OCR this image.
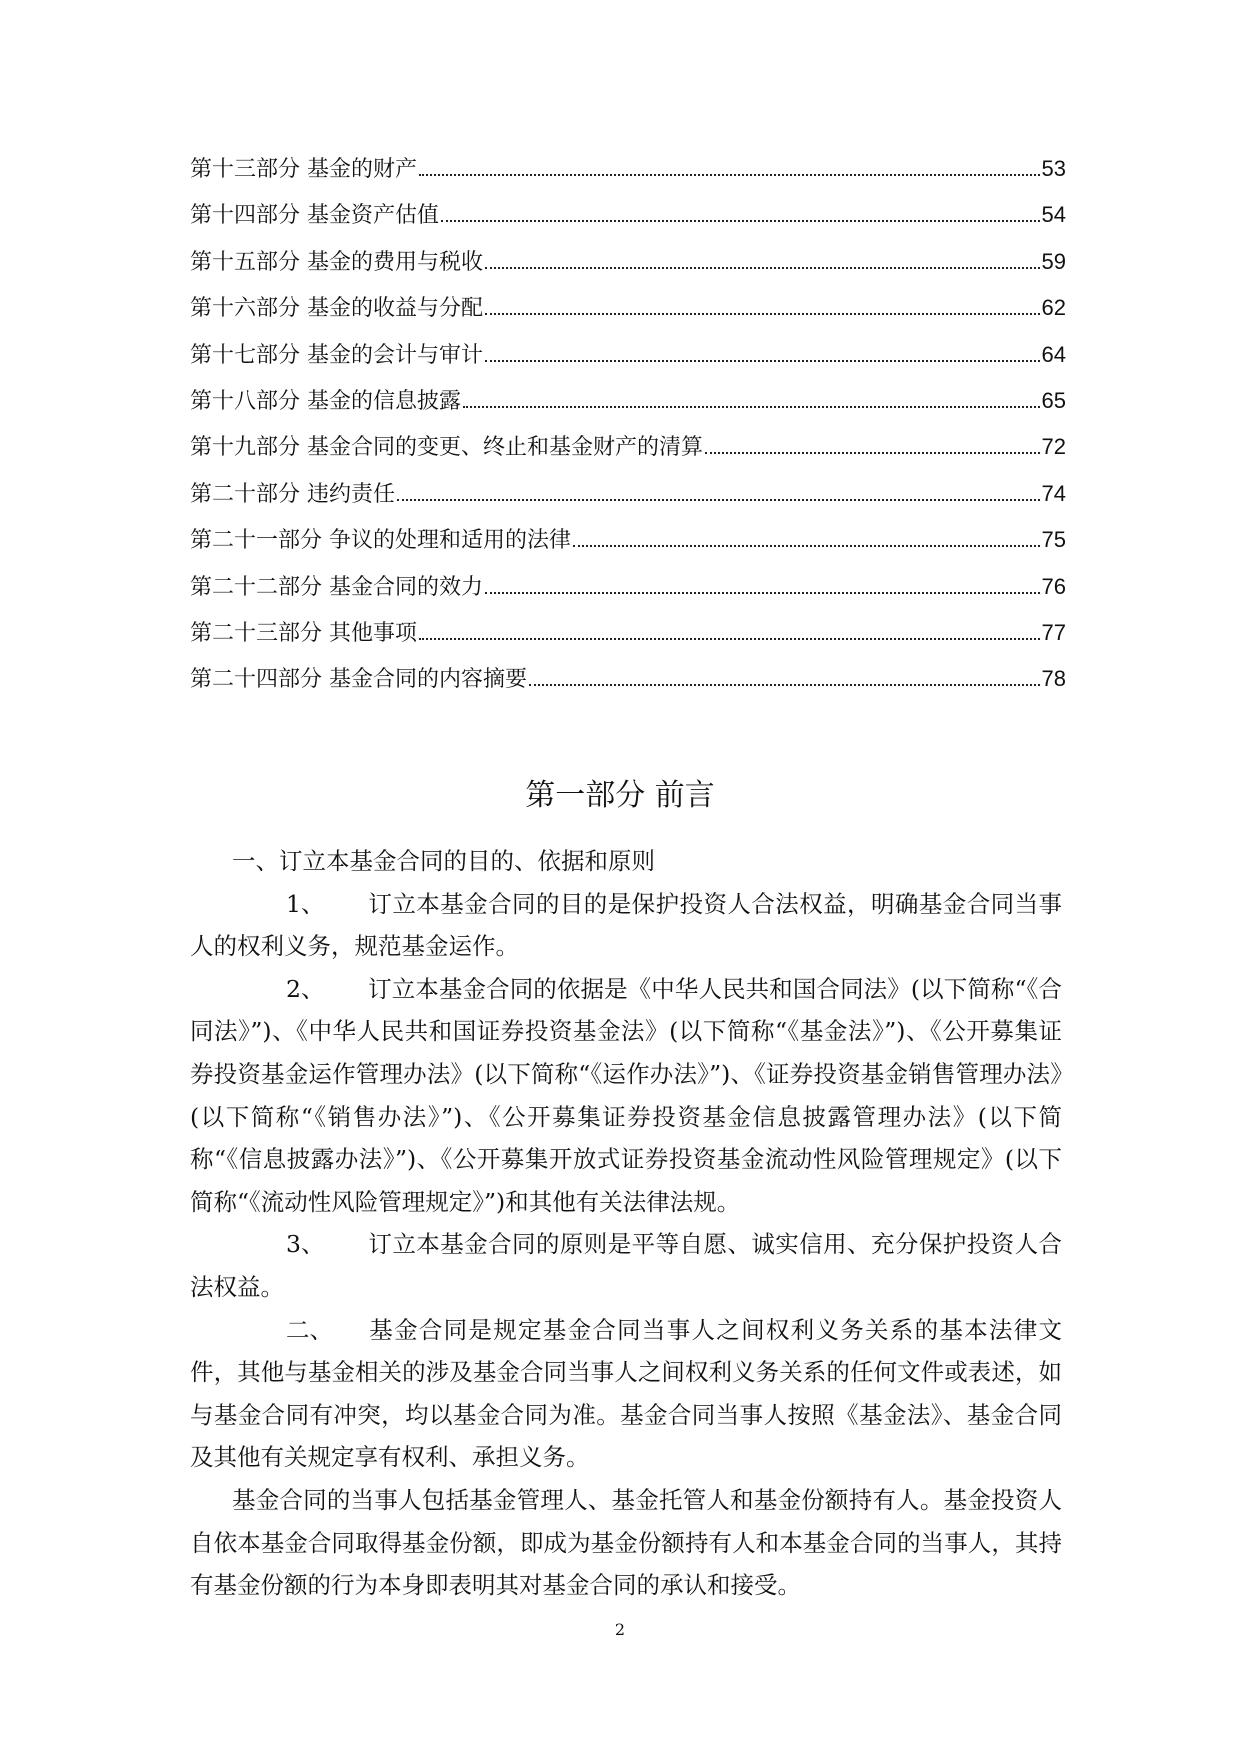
第十三部分 基金的财产	53
第十四部分 基金资产估值	54
第十五部分 基金的费用与税收	59
第十六部分 基金的收益与分配	62
第十七部分 基金的会计与审计	64
第十八部分 基金的信息披露	65
第十九部分 基金合同的变更、终止和基金财产的清算	72
第二十部分 违约责任	74
第二十一部分 争议的处理和适用的法律	75
第二十二部分 基金合同的效力	76
第二十三部分 其他事项	77
第二十四部分 基金合同的内容摘要	78
第一部分 前言

一、订立本基金合同的目的、依据和原则

1、 订立本基金合同的目的是保护投资人合法权益，明确基金合同当事人的权利义务，规范基金运作。

2、 订立本基金合同的依据是《中华人民共和国合同法》(以下简称“《合同法》”)、《中华人民共和国证券投资基金法》(以下简称“《基金法》”)、《公开募集证券投资基金运作管理办法》(以下简称“《运作办法》”)、《证券投资基金销售管理办法》(以下简称“《销售办法》”)、《公开募集证券投资基金信息披露管理办法》(以下简称“《信息披露办法》”)、《公开募集开放式证券投资基金流动性风险管理规定》(以下简称“《流动性风险管理规定》”)和其他有关法律法规。

3、 订立本基金合同的原则是平等自愿、诚实信用、充分保护投资人合法权益。

二、 基金合同是规定基金合同当事人之间权利义务关系的基本法律文件，其他与基金相关的涉及基金合同当事人之间权利义务关系的任何文件或表述，如与基金合同有冲突，均以基金合同为准。基金合同当事人按照《基金法》、基金合同及其他有关规定享有权利、承担义务。

基金合同的当事人包括基金管理人、基金托管人和基金份额持有人。基金投资人自依本基金合同取得基金份额，即成为基金份额持有人和本基金合同的当事人，其持有基金份额的行为本身即表明其对基金合同的承认和接受。

2
